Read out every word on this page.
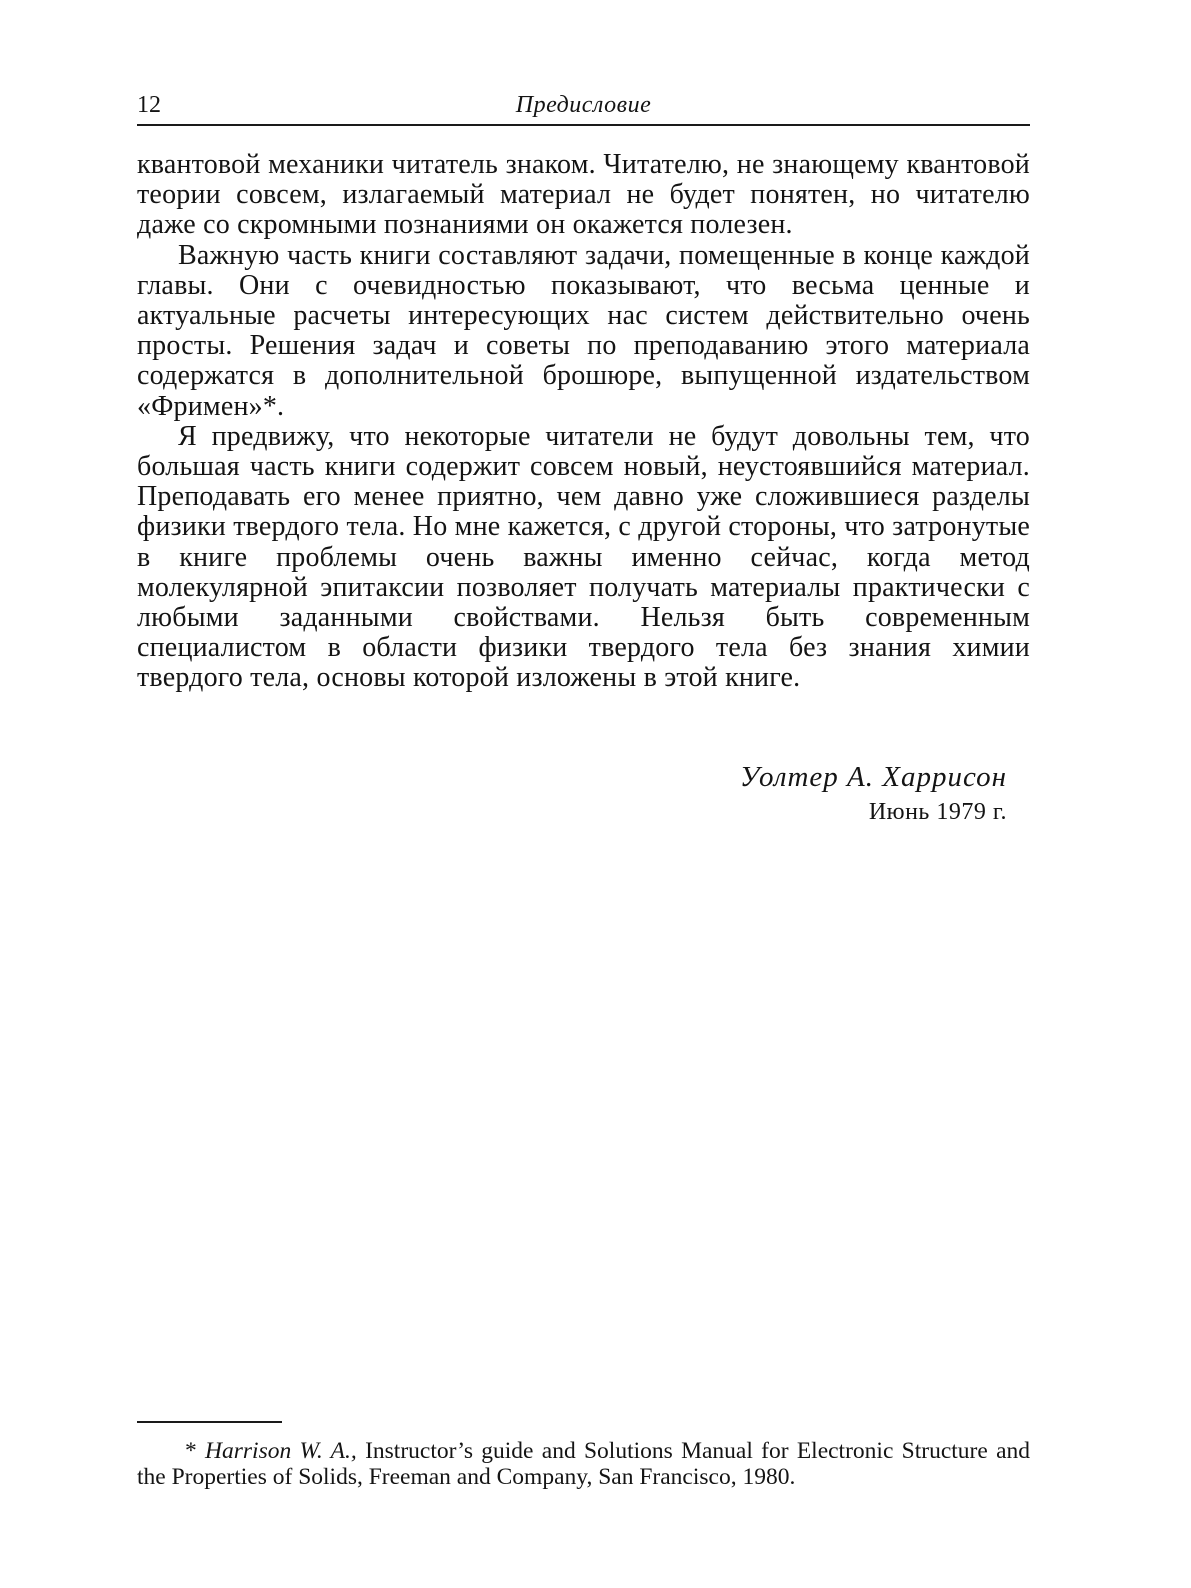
12	Предисловие

квантовой механики читатель знаком. Читателю, не знающему квантовой теории совсем, излагаемый материал не будет понятен, но читателю даже со скромными познаниями он окажется полезен.

Важную часть книги составляют задачи, помещенные в конце каждой главы. Они с очевидностью показывают, что весьма ценные и актуальные расчеты интересующих нас систем действительно очень просты. Решения задач и советы по преподаванию этого материала содержатся в дополнительной брошюре, выпущенной издательством «Фримен»*.

Я предвижу, что некоторые читатели не будут довольны тем, что большая часть книги содержит совсем новый, неустоявшийся материал. Преподавать его менее приятно, чем давно уже сложившиеся разделы физики твердого тела. Но мне кажется, с другой стороны, что затронутые в книге проблемы очень важны именно сейчас, когда метод молекулярной эпитаксии позволяет получать материалы практически с любыми заданными свойствами. Нельзя быть современным специалистом в области физики твердого тела без знания химии твердого тела, основы которой изложены в этой книге.

Уолтер А. Харрисон
Июнь 1979 г.
* Harrison W. A., Instructor’s guide and Solutions Manual for Electronic Structure and the Properties of Solids, Freeman and Company, San Francisco, 1980.
